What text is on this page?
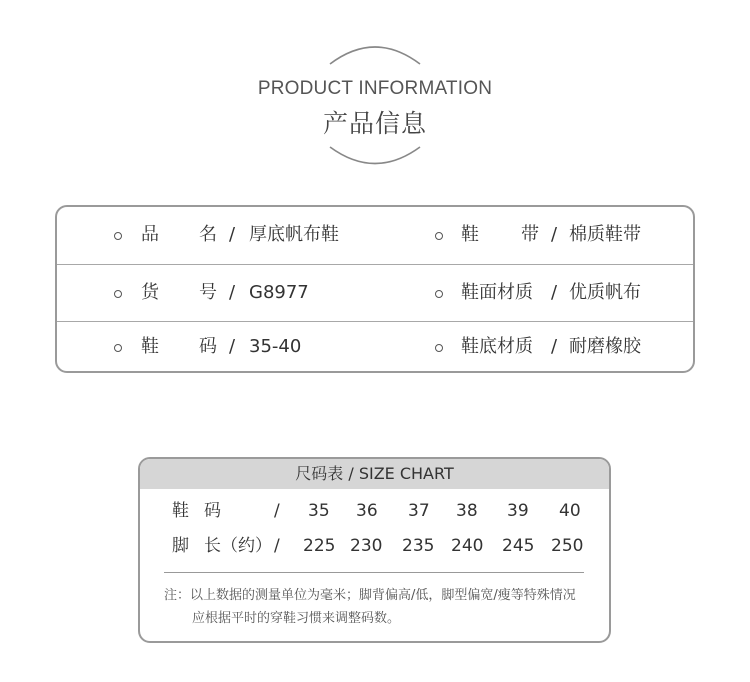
PRODUCT INFORMATION
产品信息
品 名 / 厚底帆布鞋	鞋 带 / 棉质鞋带
货 号 / G8977	鞋面材质 / 优质帆布
鞋 码 / 35-40	鞋底材质 / 耐磨橡胶
尺码表 / SIZE CHART
鞋 码	/ 35 36 37 38 39 40
脚 长（约） / 225 230 235 240 245 250
注：以上数据的测量单位为毫米；脚背偏高/低，脚型偏宽/瘦等特殊情况
应根据平时的穿鞋习惯来调整码数。
